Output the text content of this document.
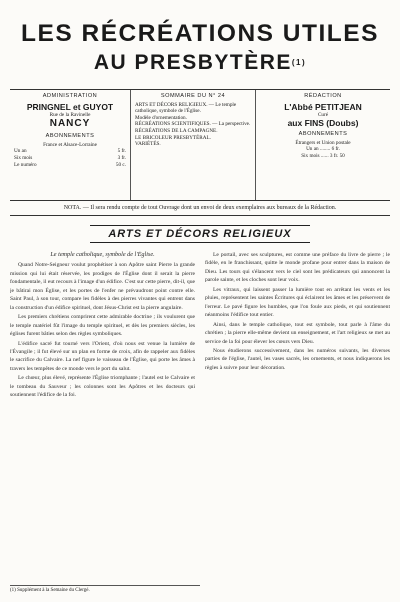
LES RÉCRÉATIONS UTILES
AU PRESBYTÈRE$^{(1)}$
ADMINISTRATION
PRINGNEL et GUYOT
Rue de la Ravinelle
NANCY
ABONNEMENTS
France et Alsace-Lorraine
Un an	5 fr.
Six mois	3 fr.
Le numéro	50 c.
SOMMAIRE DU N° 24
ARTS ET DÉCORS RELIGIEUX. — Le temple catholique, symbole de l'Église.
Modèle d'ornementation.
RÉCRÉATIONS SCIENTIFIQUES. — La perspective.
RÉCRÉATIONS DE LA CAMPAGNE.
LE BRICOLEUR PRESBYTÉRAL.
VARIÉTÉS.
RÉDACTION
L'Abbé PETITJEAN
Curé
aux FINS (Doubs)
ABONNEMENTS
Étrangers et Union postale
Un an ........ 6 fr.
Six mois ...... 3 fr. 50
NOTA. — Il sera rendu compte de tout Ouvrage dont un envoi de deux exemplaires aux bureaux de la Rédaction.
ARTS ET DÉCORS RELIGIEUX

Le temple catholique, symbole de l'Église.

Quand Notre-Seigneur voulut prophétiser à son Apôtre saint Pierre la grande mission qui lui était réservée, les prodiges de l'Église dont il serait la pierre fondamentale, il eut recours à l'image d'un édifice. C'est sur cette pierre, dit-il, que je bâtirai mon Église, et les portes de l'enfer ne prévaudront point contre elle. Saint Paul, à son tour, compare les fidèles à des pierres vivantes qui entrent dans la construction d'un édifice spirituel, dont Jésus-Christ est la pierre angulaire.

Les premiers chrétiens comprirent cette admirable doctrine ; ils voulurent que le temple matériel fût l'image du temple spirituel, et dès les premiers siècles, les églises furent bâties selon des règles symboliques.

L'édifice sacré fut tourné vers l'Orient, d'où nous est venue la lumière de l'Évangile ; il fut élevé sur un plan en forme de croix, afin de rappeler aux fidèles le sacrifice du Calvaire. La nef figure le vaisseau de l'Église, qui porte les âmes à travers les tempêtes de ce monde vers le port du salut.

Le chœur, plus élevé, représente l'Église triomphante ; l'autel est le Calvaire et le tombeau du Sauveur ; les colonnes sont les Apôtres et les docteurs qui soutiennent l'édifice de la foi.

Le portail, avec ses sculptures, est comme une préface du livre de pierre ; le fidèle, en le franchissant, quitte le monde profane pour entrer dans la maison de Dieu. Les tours qui s'élancent vers le ciel sont les prédicateurs qui annoncent la parole sainte, et les cloches sont leur voix.

Les vitraux, qui laissent passer la lumière tout en arrêtant les vents et les pluies, représentent les saintes Écritures qui éclairent les âmes et les préservent de l'erreur. Le pavé figure les humbles, que l'on foule aux pieds, et qui soutiennent néanmoins l'édifice tout entier.

Ainsi, dans le temple catholique, tout est symbole, tout parle à l'âme du chrétien ; la pierre elle-même devient un enseignement, et l'art religieux se met au service de la foi pour élever les cœurs vers Dieu.

Nous étudierons successivement, dans les numéros suivants, les diverses parties de l'église, l'autel, les vases sacrés, les ornements, et nous indiquerons les règles à suivre pour leur décoration.

(1) Supplément à la Semaine du Clergé.
